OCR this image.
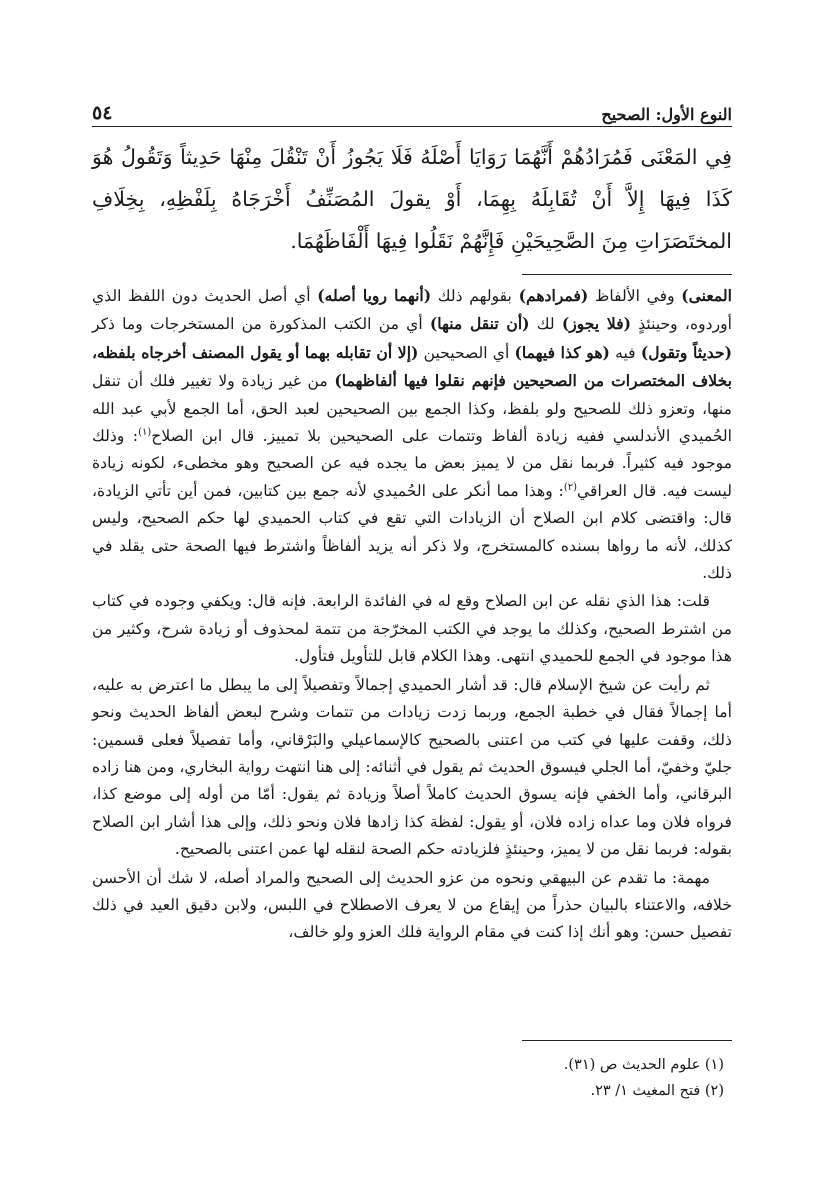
النوع الأول: الصحيح
٥٤

فِي المَعْنَى فَمُرَادُهُمْ أَنَّهُمَا رَوَايَا أَصْلَهُ فَلَا يَجُوزُ أَنْ تَنْقُلَ مِنْهَا حَدِيثاً وَتَقُولُ هُوَ كَذَا فِيهَا إِلاَّ أَنْ تُقَابِلَهُ بِهِمَا، أَوْ يقولَ المُصَنِّفُ أَخْرَجَاهُ بِلَفْظِهِ، بِخِلَافِ المختَصَرَاتِ مِنَ الصَّحِيحَيْنِ فَإِنَّهُمْ نَقَلُوا فِيهَا أَلْفَاظَهُمَا.

المعنى) وفي الألفاظ (فمرادهم) بقولهم ذلك (أنهما رويا أصله) أي أصل الحديث دون اللفظ الذي أوردوه، وحينئذٍ (فلا يجوز) لك (أن تنقل منها) أي من الكتب المذكورة من المستخرجات وما ذكر (حديثاً وتقول) فيه (هو كذا فيهما) أي الصحيحين (إلا أن تقابله بهما أو يقول المصنف أخرجاه بلفظه، بخلاف المختصرات من الصحيحين فإنهم نقلوا فيها ألفاظهما) من غير زيادة ولا تغيير فلك أن تنقل منها، وتعزو ذلك للصحيح ولو بلفظ، وكذا الجمع بين الصحيحين لعبد الحق، أما الجمع لأبي عبد الله الحُميدي الأندلسي ففيه زيادة ألفاظ وتتمات على الصحيحين بلا تمييز. قال ابن الصلاح$^{(١)}$: وذلك موجود فيه كثيراً. فربما نقل من لا يميز بعض ما يجده فيه عن الصحيح وهو مخطىء، لكونه زيادة ليست فيه. قال العراقي$^{(٢)}$: وهذا مما أنكر على الحُميدي لأنه جمع بين كتابين، فمن أين تأتي الزيادة، قال: واقتضى كلام ابن الصلاح أن الزيادات التي تقع في كتاب الحميدي لها حكم الصحيح، وليس كذلك، لأنه ما رواها بسنده كالمستخرج، ولا ذكر أنه يزيد ألفاظاً واشترط فيها الصحة حتى يقلد في ذلك.

قلت: هذا الذي نقله عن ابن الصلاح وقع له في الفائدة الرابعة. فإنه قال: ويكفي وجوده في كتاب من اشترط الصحيح، وكذلك ما يوجد في الكتب المخرّجة من تتمة لمحذوف أو زيادة شرح، وكثير من هذا موجود في الجمع للحميدي انتهى. وهذا الكلام قابل للتأويل فتأول.

ثم رأيت عن شيخ الإسلام قال: قد أشار الحميدي إجمالاً وتفصيلاً إلى ما يبطل ما اعترض به عليه، أما إجمالاً فقال في خطبة الجمع، وربما زدت زيادات من تتمات وشرح لبعض ألفاظ الحديث ونحو ذلك، وقفت عليها في كتب من اعتنى بالصحيح كالإسماعيلي والبَرْقاني، وأما تفصيلاً فعلى قسمين: جليّ وخفيّ، أما الجلي فيسوق الحديث ثم يقول في أثنائه: إلى هنا انتهت رواية البخاري، ومن هنا زاده البرقاني، وأما الخفي فإنه يسوق الحديث كاملاً أصلاً وزيادة ثم يقول: أمّا من أوله إلى موضع كذا، فرواه فلان وما عداه زاده فلان، أو يقول: لفظة كذا زادها فلان ونحو ذلك، وإلى هذا أشار ابن الصلاح بقوله: فربما نقل من لا يميز، وحينئذٍ فلزيادته حكم الصحة لنقله لها عمن اعتنى بالصحيح.

مهمة: ما تقدم عن البيهقي ونحوه من عزو الحديث إلى الصحيح والمراد أصله، لا شك أن الأحسن خلافه، والاعتناء بالبيان حذراً من إيقاع من لا يعرف الاصطلاح في اللبس، ولابن دقيق العيد في ذلك تفصيل حسن: وهو أنك إذا كنت في مقام الرواية فلك العزو ولو خالف،

(١) علوم الحديث ص (٣١).
(٢) فتح المغيث ١/ ٢٣.
